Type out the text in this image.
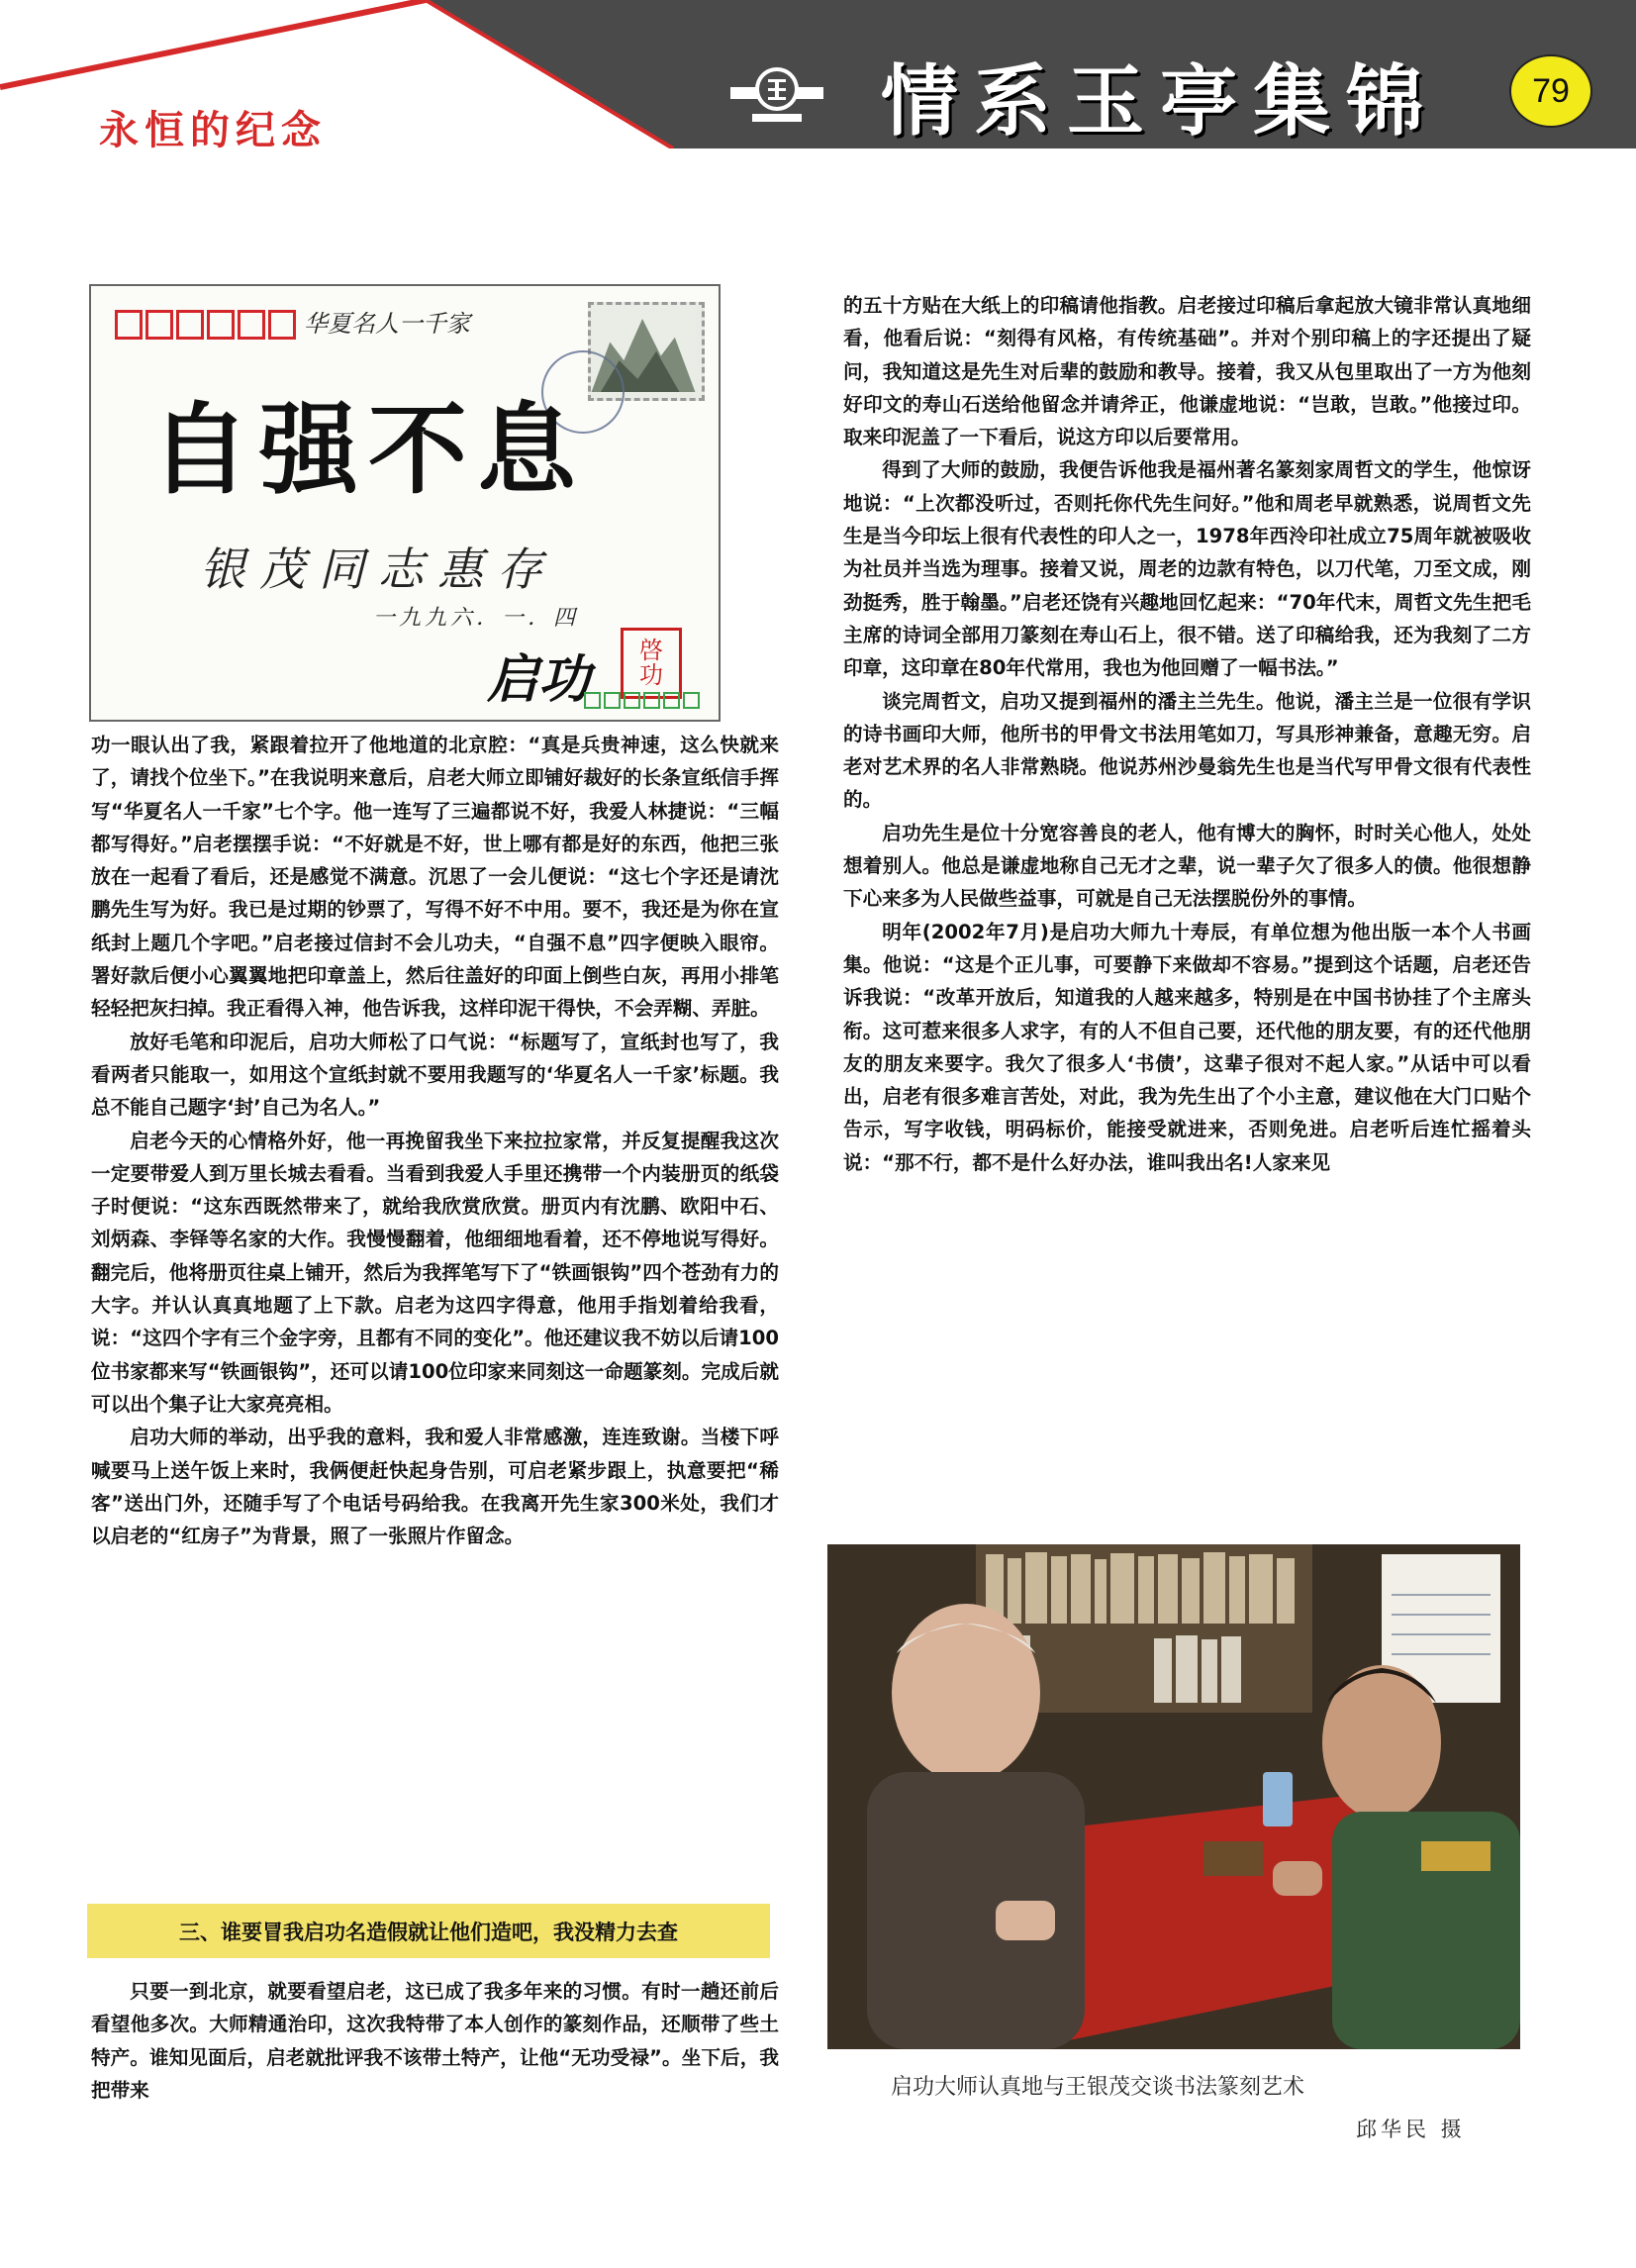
永恒的纪念	情系玉亭集锦	79
华夏名人一千家
自强不息
银茂同志惠存
一九九六．一．四
启功 啓
功

功一眼认出了我，紧跟着拉开了他地道的北京腔：“真是兵贵神速，这么快就来了，请找个位坐下。”在我说明来意后，启老大师立即铺好裁好的长条宣纸信手挥写“华夏名人一千家”七个字。他一连写了三遍都说不好，我爱人林捷说：“三幅都写得好。”启老摆摆手说：“不好就是不好，世上哪有都是好的东西，他把三张放在一起看了看后，还是感觉不满意。沉思了一会儿便说：“这七个字还是请沈鹏先生写为好。我已是过期的钞票了，写得不好不中用。要不，我还是为你在宣纸封上题几个字吧。”启老接过信封不会儿功夫，“自强不息”四字便映入眼帘。署好款后便小心翼翼地把印章盖上，然后往盖好的印面上倒些白灰，再用小排笔轻轻把灰扫掉。我正看得入神，他告诉我，这样印泥干得快，不会弄糊、弄脏。

放好毛笔和印泥后，启功大师松了口气说：“标题写了，宣纸封也写了，我看两者只能取一，如用这个宣纸封就不要用我题写的‘华夏名人一千家’标题。我总不能自己题字‘封’自己为名人。”

启老今天的心情格外好，他一再挽留我坐下来拉拉家常，并反复提醒我这次一定要带爱人到万里长城去看看。当看到我爱人手里还携带一个内装册页的纸袋子时便说：“这东西既然带来了，就给我欣赏欣赏。册页内有沈鹏、欧阳中石、刘炳森、李铎等名家的大作。我慢慢翻着，他细细地看着，还不停地说写得好。翻完后，他将册页往桌上铺开，然后为我挥笔写下了“铁画银钩”四个苍劲有力的大字。并认认真真地题了上下款。启老为这四字得意，他用手指划着给我看，说：“这四个字有三个金字旁，且都有不同的变化”。他还建议我不妨以后请100位书家都来写“铁画银钩”，还可以请100位印家来同刻这一命题篆刻。完成后就可以出个集子让大家亮亮相。

启功大师的举动，出乎我的意料，我和爱人非常感激，连连致谢。当楼下呼喊要马上送午饭上来时，我俩便赶快起身告别，可启老紧步跟上，执意要把“稀客”送出门外，还随手写了个电话号码给我。在我离开先生家300米处，我们才以启老的“红房子”为背景，照了一张照片作留念。

三、谁要冒我启功名造假就让他们造吧，我没精力去查

只要一到北京，就要看望启老，这已成了我多年来的习惯。有时一趟还前后看望他多次。大师精通治印，这次我特带了本人创作的篆刻作品，还顺带了些土特产。谁知见面后，启老就批评我不该带土特产，让他“无功受禄”。坐下后，我把带来

的五十方贴在大纸上的印稿请他指教。启老接过印稿后拿起放大镜非常认真地细看，他看后说：“刻得有风格，有传统基础”。并对个别印稿上的字还提出了疑问，我知道这是先生对后辈的鼓励和教导。接着，我又从包里取出了一方为他刻好印文的寿山石送给他留念并请斧正，他谦虚地说：“岂敢，岂敢。”他接过印。取来印泥盖了一下看后，说这方印以后要常用。

得到了大师的鼓励，我便告诉他我是福州著名篆刻家周哲文的学生，他惊讶地说：“上次都没听过，否则托你代先生问好。”他和周老早就熟悉，说周哲文先生是当今印坛上很有代表性的印人之一，1978年西泠印社成立75周年就被吸收为社员并当选为理事。接着又说，周老的边款有特色，以刀代笔，刀至文成，刚劲挺秀，胜于翰墨。”启老还饶有兴趣地回忆起来：“70年代末，周哲文先生把毛主席的诗词全部用刀篆刻在寿山石上，很不错。送了印稿给我，还为我刻了二方印章，这印章在80年代常用，我也为他回赠了一幅书法。”

谈完周哲文，启功又提到福州的潘主兰先生。他说，潘主兰是一位很有学识的诗书画印大师，他所书的甲骨文书法用笔如刀，写具形神兼备，意趣无穷。启老对艺术界的名人非常熟晓。他说苏州沙曼翁先生也是当代写甲骨文很有代表性的。

启功先生是位十分宽容善良的老人，他有博大的胸怀，时时关心他人，处处想着别人。他总是谦虚地称自己无才之辈，说一辈子欠了很多人的债。他很想静下心来多为人民做些益事，可就是自己无法摆脱份外的事情。

明年(2002年7月)是启功大师九十寿辰，有单位想为他出版一本个人书画集。他说：“这是个正儿事，可要静下来做却不容易。”提到这个话题，启老还告诉我说：“改革开放后，知道我的人越来越多，特别是在中国书协挂了个主席头衔。这可惹来很多人求字，有的人不但自己要，还代他的朋友要，有的还代他朋友的朋友来要字。我欠了很多人‘书债’，这辈子很对不起人家。”从话中可以看出，启老有很多难言苦处，对此，我为先生出了个小主意，建议他在大门口贴个告示，写字收钱，明码标价，能接受就进来，否则免进。启老听后连忙摇着头说：“那不行，都不是什么好办法，谁叫我出名!人家来见

启功大师认真地与王银茂交谈书法篆刻艺术
邱华民 摄
